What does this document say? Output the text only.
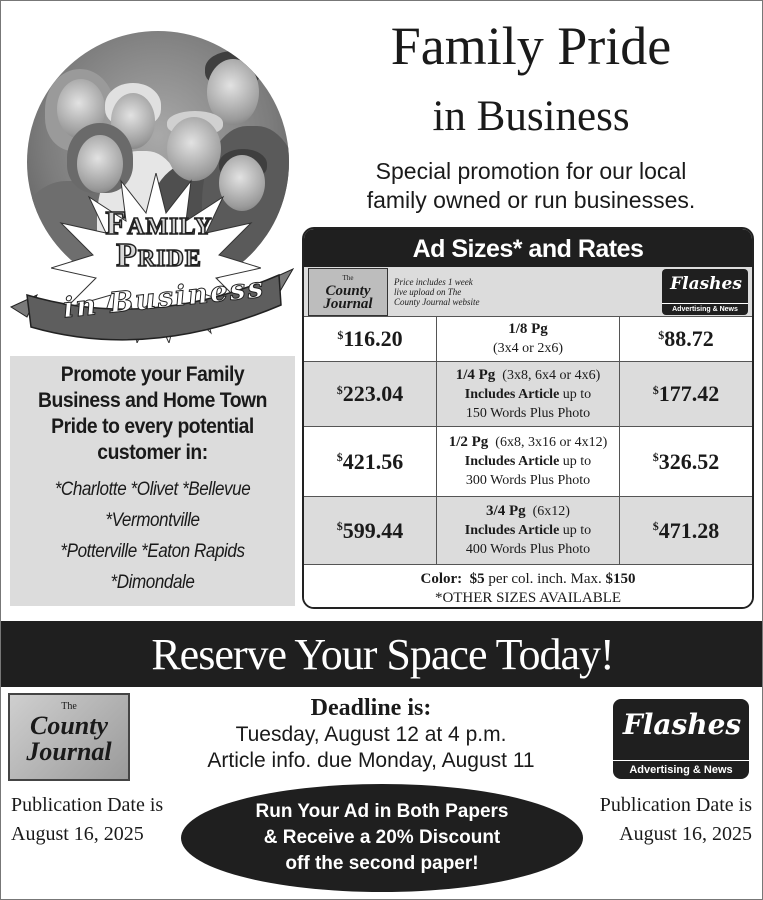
Family
Pride
in Business
Family Pride
in Business
Special promotion for our local
family owned or run businesses.
Promote your Family
Business and Home Town
Pride to every potential
customer in:
*Charlotte *Olivet *Bellevue
*Vermontville
*Potterville *Eaton Rapids
*Dimondale
Ad Sizes* and Rates
The
County
Journal
Price includes 1 week
live upload on The
County Journal website
Flashes
Advertising & News
$ 116.20	1/8 Pg
(3x4 or 2x6)
$ 88.72
$ 223.04
1/4 Pg (3x8, 6x4 or 4x6)
Includes Article up to
150 Words Plus Photo
$ 177.42
$ 421.56
1/2 Pg (6x8, 3x16 or 4x12)
Includes Article up to
300 Words Plus Photo
$ 326.52
$ 599.44
3/4 Pg (6x12)
Includes Article up to
400 Words Plus Photo
$ 471.28
Color: $5 per col. inch. Max. $150
*OTHER SIZES AVAILABLE
Reserve Your Space Today!
The
County
Journal
Deadline is:
Tuesday, August 12 at 4 p.m.
Article info. due Monday, August 11
Flashes
Advertising & News
Publication Date is
August 16, 2025
Run Your Ad in Both Papers
& Receive a 20% Discount
off the second paper!
Publication Date is
August 16, 2025
